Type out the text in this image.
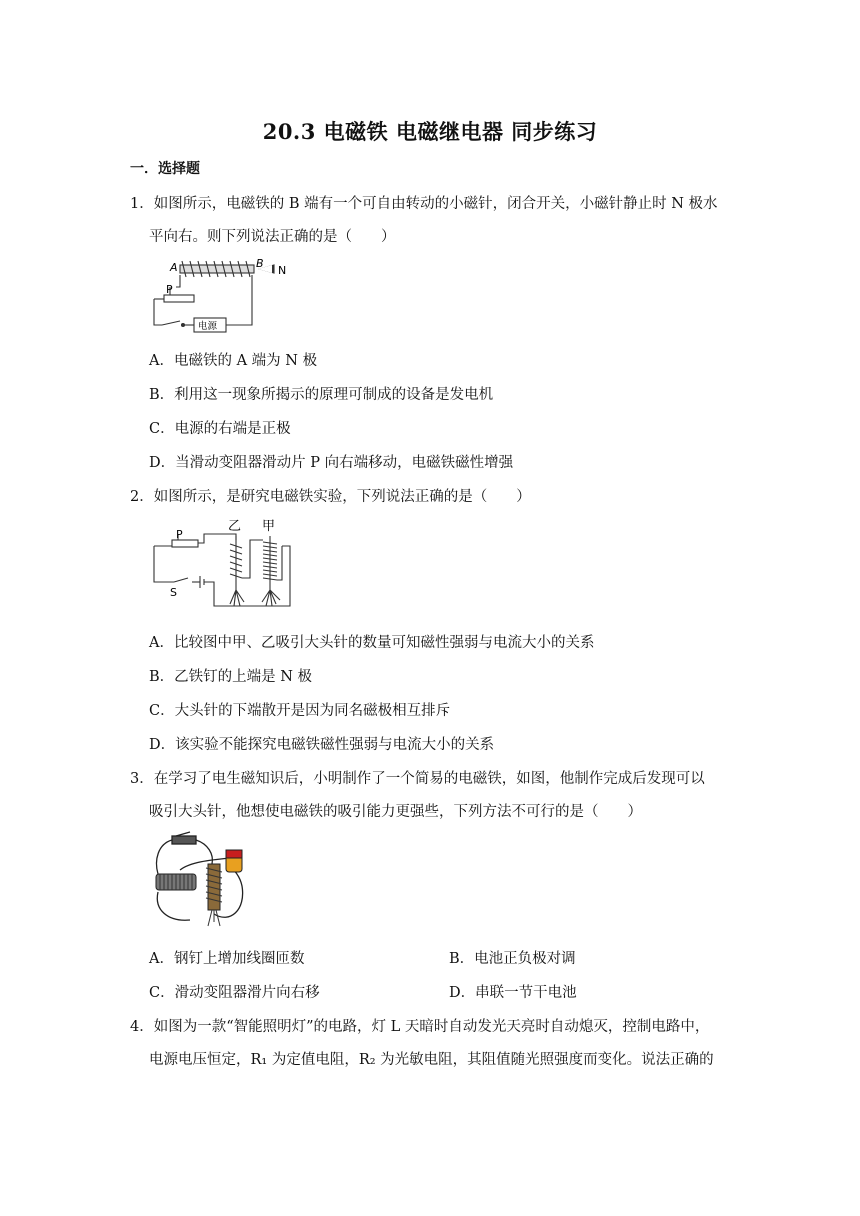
20.3 电磁铁 电磁继电器 同步练习
一．选择题
1．如图所示，电磁铁的 B 端有一个可自由转动的小磁针，闭合开关，小磁针静止时 N 极水
平向右。则下列说法正确的是（　　）
A	B
N
P
电源
A．电磁铁的 A 端为 N 极
B．利用这一现象所揭示的原理可制成的设备是发电机
C．电源的右端是正极
D．当滑动变阻器滑动片 P 向右端移动，电磁铁磁性增强
2．如图所示，是研究电磁铁实验，下列说法正确的是（　　）
P
乙 甲
S
A．比较图中甲、乙吸引大头针的数量可知磁性强弱与电流大小的关系
B．乙铁钉的上端是 N 极
C．大头针的下端散开是因为同名磁极相互排斥
D．该实验不能探究电磁铁磁性强弱与电流大小的关系
3．在学习了电生磁知识后，小明制作了一个简易的电磁铁，如图，他制作完成后发现可以
吸引大头针，他想使电磁铁的吸引能力更强些，下列方法不可行的是（　　）
A．钢钉上增加线圈匝数	B．电池正负极对调
C．滑动变阻器滑片向右移	D．串联一节干电池
4．如图为一款“智能照明灯”的电路，灯 L 天暗时自动发光天亮时自动熄灭，控制电路中，
电源电压恒定，R₁ 为定值电阻，R₂ 为光敏电阻，其阻值随光照强度而变化。说法正确的
